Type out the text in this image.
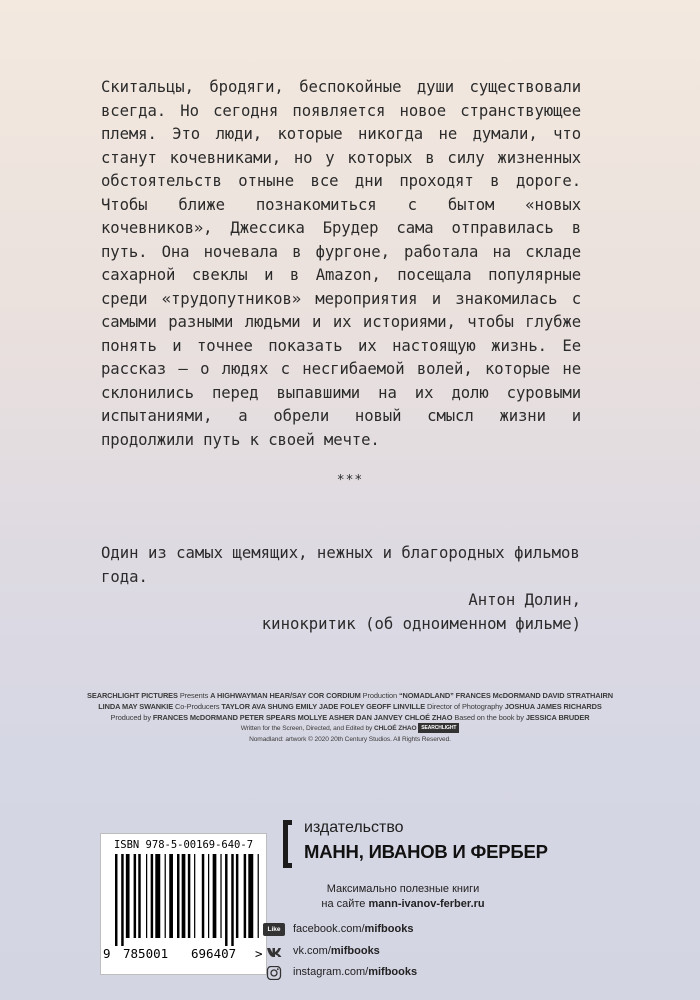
Скитальцы, бродяги, беспокойные души существовали всегда. Но сегодня появляется новое странствующее племя. Это люди, которые никогда не думали, что станут кочевниками, но у которых в силу жизненных обстоятельств отныне все дни проходят в дороге. Чтобы ближе познакомиться с бытом «новых кочевников», Джессика Брудер сама отправилась в путь. Она ночевала в фургоне, работала на складе сахарной свеклы и в Amazon, посещала популярные среди «трудопутников» мероприятия и знакомилась с самыми разными людьми и их историями, чтобы глубже понять и точнее показать их настоящую жизнь. Ее рассказ — о людях с несгибаемой волей, которые не склонились перед выпавшими на их долю суровыми испытаниями, а обрели новый смысл жизни и продолжили путь к своей мечте.

***
Один из самых щемящих, нежных и благородных фильмов года.
Антон Долин,
кинокритик (об одноименном фильме)
SEARCHLIGHT PICTURES Presents A HIGHWAYMAN HEAR/SAY COR CORDIUM Production “NOMADLAND” FRANCES McDORMAND DAVID STRATHAIRN
LINDA MAY SWANKIE Co-Producers TAYLOR AVA SHUNG EMILY JADE FOLEY GEOFF LINVILLE Director of Photography JOSHUA JAMES RICHARDS
Produced by FRANCES McDORMAND PETER SPEARS MOLLYE ASHER DAN JANVEY CHLOÉ ZHAO Based on the book by JESSICA BRUDER
Written for the Screen, Directed, and Edited by CHLOÉ ZHAO SEARCHLIGHT
Nomadland: artwork © 2020 20th Century Studios. All Rights Reserved.
ISBN 978-5-00169-640-7
9 785001 696407 >
издательство
МАНН, ИВАНОВ И ФЕРБЕР
Максимально полезные книги
на сайте mann-ivanov-ferber.ru
Like	facebook.com/mifbooks
vk.com/mifbooks
instagram.com/mifbooks
